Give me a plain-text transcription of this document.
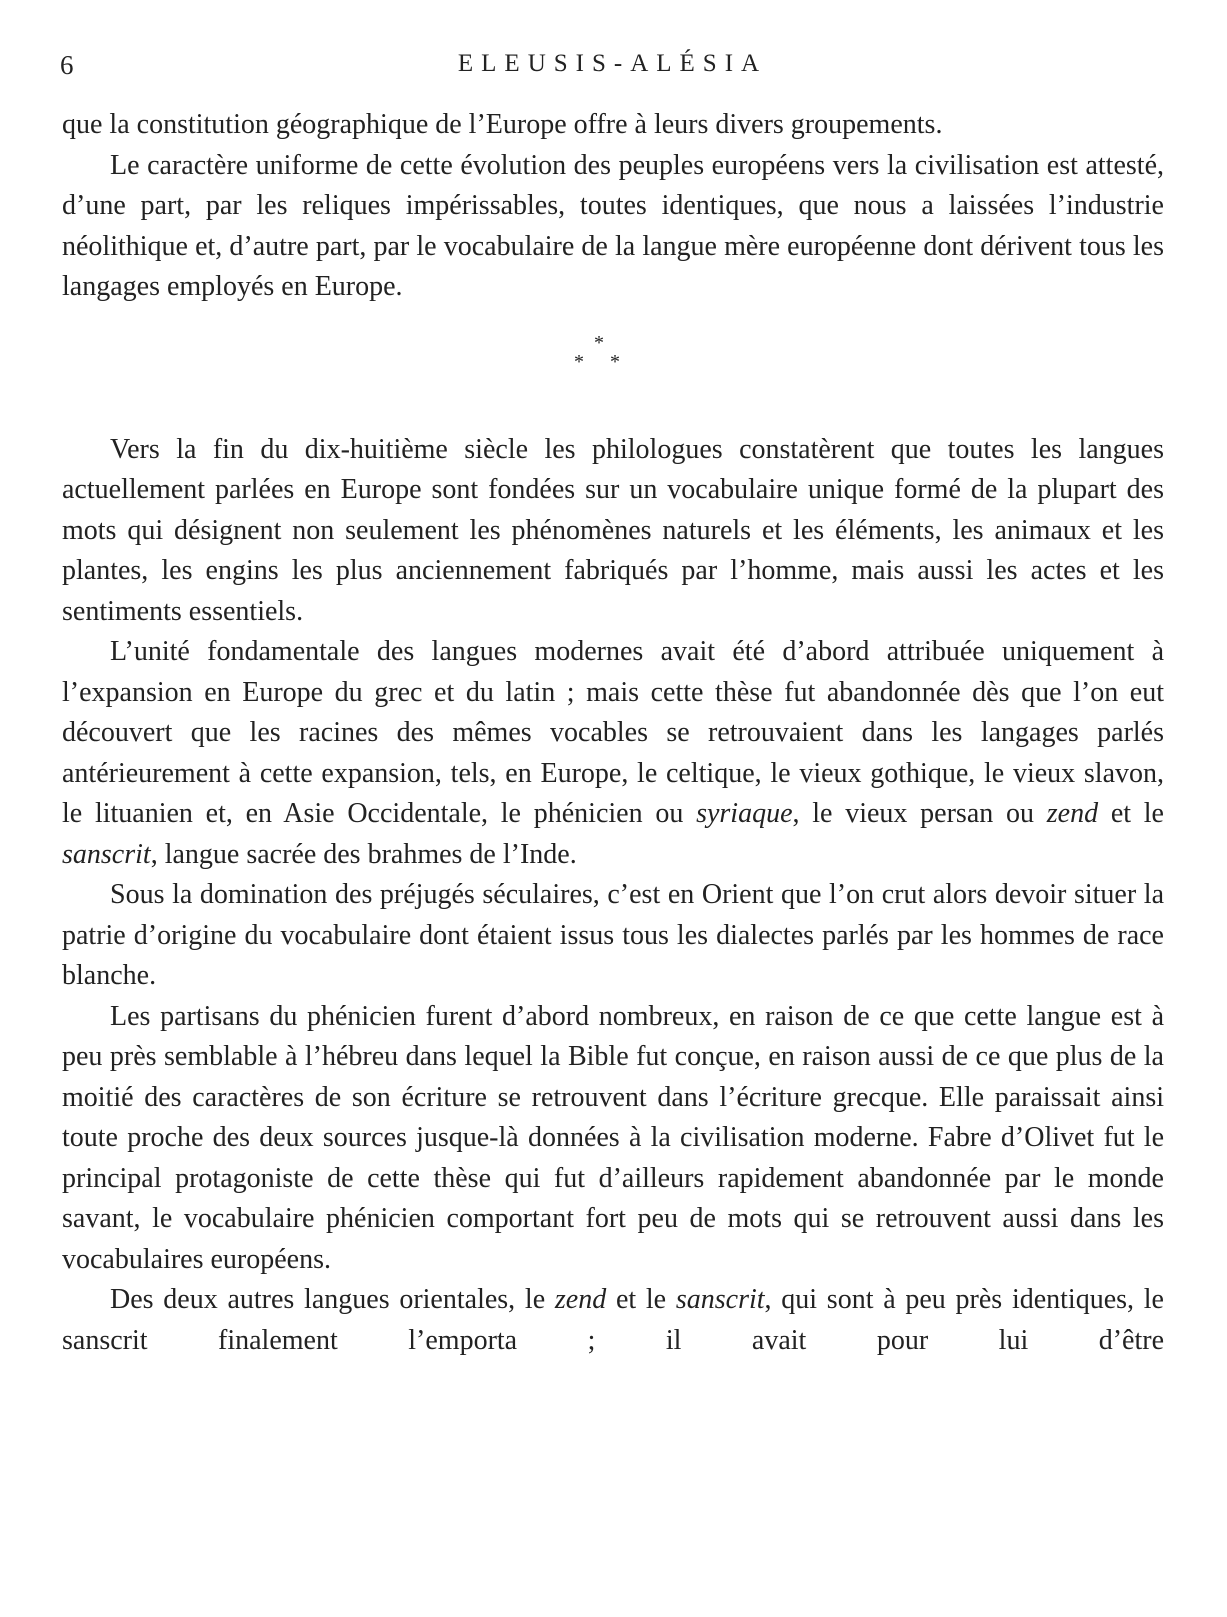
6	ELEUSIS-ALÉSIA

que la constitution géographique de l’Europe offre à leurs divers groupements.

Le caractère uniforme de cette évolution des peuples européens vers la civilisation est attesté, d’une part, par les reliques impérissables, toutes identiques, que nous a laissées l’industrie néolithique et, d’autre part, par le vocabulaire de la langue mère européenne dont dérivent tous les langages employés en Europe.

*
* *

Vers la fin du dix-huitième siècle les philologues constatèrent que toutes les langues actuellement parlées en Europe sont fondées sur un vocabulaire unique formé de la plupart des mots qui désignent non seulement les phénomènes naturels et les éléments, les animaux et les plantes, les engins les plus anciennement fabriqués par l’homme, mais aussi les actes et les sentiments essentiels.

L’unité fondamentale des langues modernes avait été d’abord attribuée uniquement à l’expansion en Europe du grec et du latin ; mais cette thèse fut abandonnée dès que l’on eut découvert que les racines des mêmes vocables se retrouvaient dans les langages parlés antérieurement à cette expansion, tels, en Europe, le celtique, le vieux gothique, le vieux slavon, le lituanien et, en Asie Occidentale, le phénicien ou syriaque, le vieux persan ou zend et le sanscrit, langue sacrée des brahmes de l’Inde.

Sous la domination des préjugés séculaires, c’est en Orient que l’on crut alors devoir situer la patrie d’origine du vocabulaire dont étaient issus tous les dialectes parlés par les hommes de race blanche.

Les partisans du phénicien furent d’abord nombreux, en raison de ce que cette langue est à peu près semblable à l’hébreu dans lequel la Bible fut conçue, en raison aussi de ce que plus de la moitié des caractères de son écriture se retrouvent dans l’écriture grecque. Elle paraissait ainsi toute proche des deux sources jusque-là données à la civilisation moderne. Fabre d’Olivet fut le principal protagoniste de cette thèse qui fut d’ailleurs rapidement abandonnée par le monde savant, le vocabulaire phénicien comportant fort peu de mots qui se retrouvent aussi dans les vocabulaires européens.

Des deux autres langues orientales, le zend et le sanscrit, qui sont à peu près identiques, le sanscrit finalement l’emporta ; il avait pour lui d’être
